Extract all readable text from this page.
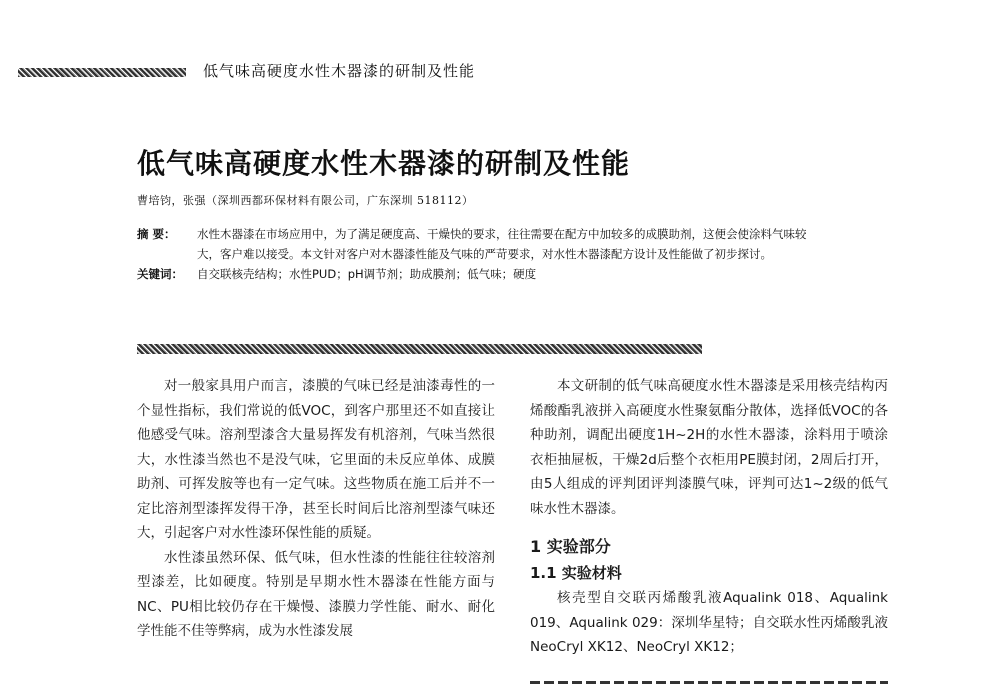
低气味高硬度水性木器漆的研制及性能
低气味高硬度水性木器漆的研制及性能
曹培钧，张强（深圳西都环保材料有限公司，广东深圳 518112）
摘 要：	水性木器漆在市场应用中，为了满足硬度高、干燥快的要求，往往需要在配方中加较多的成膜助剂，这便会使涂料气味较大，客户难以接受。本文针对客户对木器漆性能及气味的严苛要求，对水性木器漆配方设计及性能做了初步探讨。
关键词：	自交联核壳结构；水性PUD；pH调节剂；助成膜剂；低气味；硬度

对一般家具用户而言，漆膜的气味已经是油漆毒性的一个显性指标，我们常说的低VOC，到客户那里还不如直接让他感受气味。溶剂型漆含大量易挥发有机溶剂，气味当然很大，水性漆当然也不是没气味，它里面的未反应单体、成膜助剂、可挥发胺等也有一定气味。这些物质在施工后并不一定比溶剂型漆挥发得干净，甚至长时间后比溶剂型漆气味还大，引起客户对水性漆环保性能的质疑。

水性漆虽然环保、低气味，但水性漆的性能往往较溶剂型漆差，比如硬度。特别是早期水性木器漆在性能方面与NC、PU相比较仍存在干燥慢、漆膜力学性能、耐水、耐化学性能不佳等弊病，成为水性漆发展

本文研制的低气味高硬度水性木器漆是采用核壳结构丙烯酸酯乳液拼入高硬度水性聚氨酯分散体，选择低VOC的各种助剂，调配出硬度1H~2H的水性木器漆，涂料用于喷涂衣柜抽屉板，干燥2d后整个衣柜用PE膜封闭，2周后打开，由5人组成的评判团评判漆膜气味，评判可达1~2级的低气味水性木器漆。

1 实验部分
1.1 实验材料

核壳型自交联丙烯酸乳液Aqualink 018、Aqualink 019、Aqualink 029：深圳华星特；自交联水性丙烯酸乳液NeoCryl XK12、NeoCryl XK12；
